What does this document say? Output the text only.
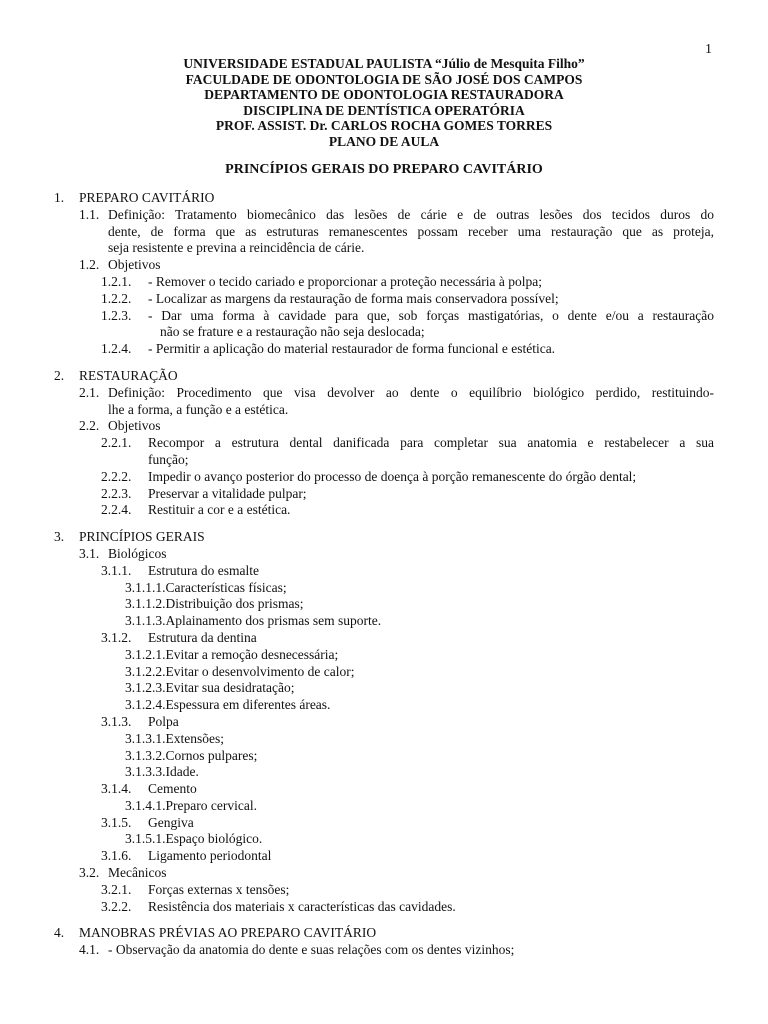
1
UNIVERSIDADE ESTADUAL PAULISTA “Júlio de Mesquita Filho”
FACULDADE DE ODONTOLOGIA DE SÃO JOSÉ DOS CAMPOS
DEPARTAMENTO DE ODONTOLOGIA RESTAURADORA
DISCIPLINA DE DENTÍSTICA OPERATÓRIA
PROF. ASSIST. Dr. CARLOS ROCHA GOMES TORRES
PLANO DE AULA
PRINCÍPIOS GERAIS DO PREPARO CAVITÁRIO
1. PREPARO CAVITÁRIO
1.1. Definição: Tratamento biomecânico das lesões de cárie e de outras lesões dos tecidos duros do
dente, de forma que as estruturas remanescentes possam receber uma restauração que as proteja,
seja resistente e previna a reincidência de cárie.
1.2. Objetivos
1.2.1. - Remover o tecido cariado e proporcionar a proteção necessária à polpa;
1.2.2. - Localizar as margens da restauração de forma mais conservadora possível;
1.2.3. - Dar uma forma à cavidade para que, sob forças mastigatórias, o dente e/ou a restauração
não se frature e a restauração não seja deslocada;
1.2.4. - Permitir a aplicação do material restaurador de forma funcional e estética.
2. RESTAURAÇÃO
2.1. Definição: Procedimento que visa devolver ao dente o equilíbrio biológico perdido, restituindo-
lhe a forma, a função e a estética.
2.2. Objetivos
2.2.1. Recompor a estrutura dental danificada para completar sua anatomia e restabelecer a sua
função;
2.2.2. Impedir o avanço posterior do processo de doença à porção remanescente do órgão dental;
2.2.3. Preservar a vitalidade pulpar;
2.2.4. Restituir a cor e a estética.
3. PRINCÍPIOS GERAIS
3.1. Biológicos
3.1.1. Estrutura do esmalte
3.1.1.1.Características físicas;
3.1.1.2.Distribuição dos prismas;
3.1.1.3.Aplainamento dos prismas sem suporte.
3.1.2. Estrutura da dentina
3.1.2.1.Evitar a remoção desnecessária;
3.1.2.2.Evitar o desenvolvimento de calor;
3.1.2.3.Evitar sua desidratação;
3.1.2.4.Espessura em diferentes áreas.
3.1.3. Polpa
3.1.3.1.Extensões;
3.1.3.2.Cornos pulpares;
3.1.3.3.Idade.
3.1.4. Cemento
3.1.4.1.Preparo cervical.
3.1.5. Gengiva
3.1.5.1.Espaço biológico.
3.1.6. Ligamento periodontal
3.2. Mecânicos
3.2.1. Forças externas x tensões;
3.2.2. Resistência dos materiais x características das cavidades.
4. MANOBRAS PRÉVIAS AO PREPARO CAVITÁRIO
4.1. - Observação da anatomia do dente e suas relações com os dentes vizinhos;
